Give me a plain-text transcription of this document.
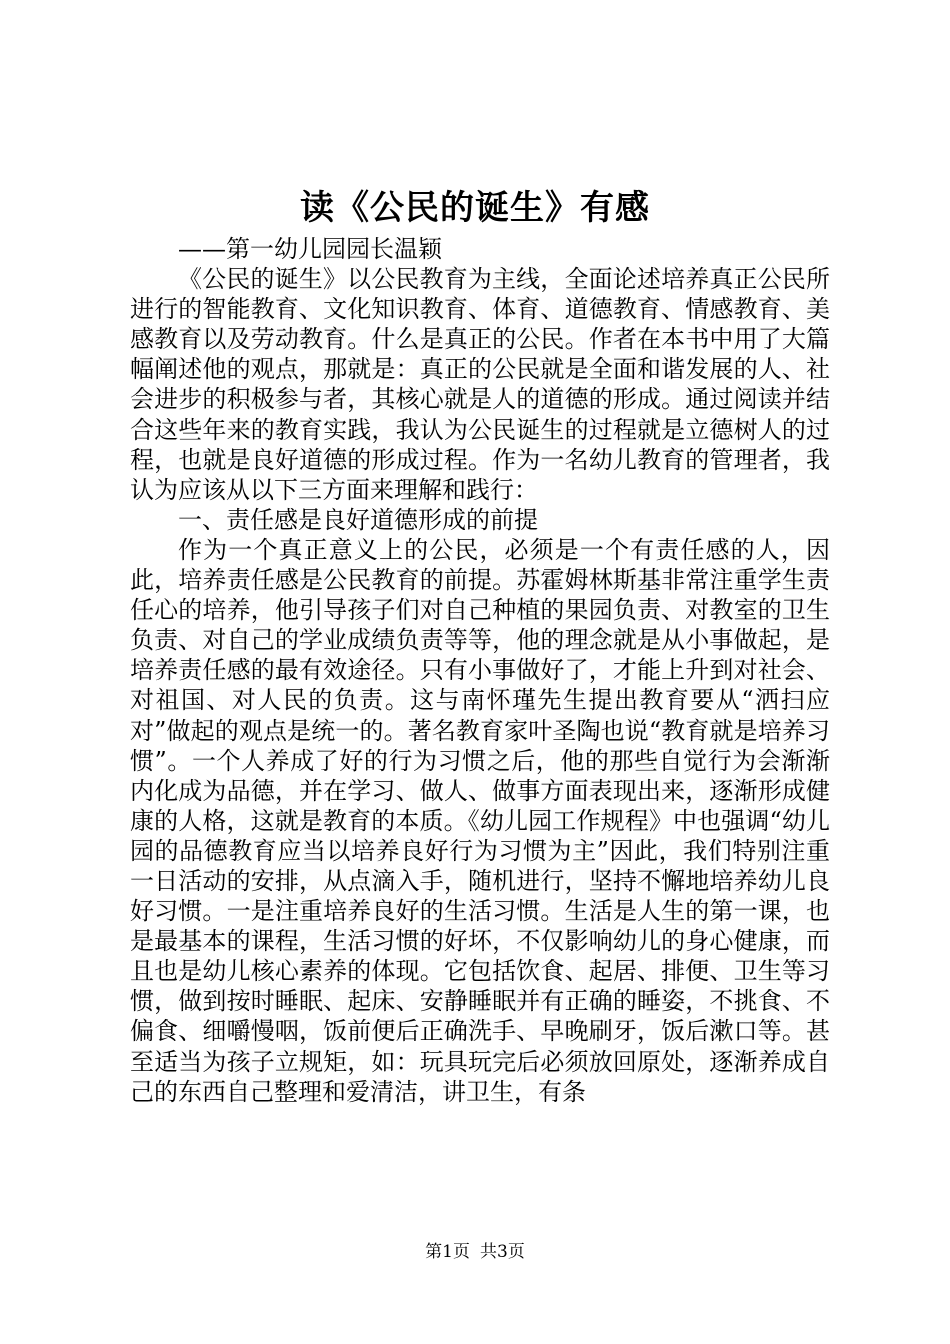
读《公民的诞生》有感

——第一幼儿园园长温颖

《公民的诞生》以公民教育为主线，全面论述培养真正公民所进行的智能教育、文化知识教育、体育、道德教育、情感教育、美感教育以及劳动教育。什么是真正的公民。作者在本书中用了大篇幅阐述他的观点，那就是：真正的公民就是全面和谐发展的人、社会进步的积极参与者，其核心就是人的道德的形成。通过阅读并结合这些年来的教育实践，我认为公民诞生的过程就是立德树人的过程，也就是良好道德的形成过程。作为一名幼儿教育的管理者，我认为应该从以下三方面来理解和践行：

一、责任感是良好道德形成的前提

作为一个真正意义上的公民，必须是一个有责任感的人，因此，培养责任感是公民教育的前提。苏霍姆林斯基非常注重学生责任心的培养，他引导孩子们对自己种植的果园负责、对教室的卫生负责、对自己的学业成绩负责等等，他的理念就是从小事做起，是培养责任感的最有效途径。只有小事做好了，才能上升到对社会、对祖国、对人民的负责。这与南怀瑾先生提出教育要从“洒扫应对”做起的观点是统一的。著名教育家叶圣陶也说“教育就是培养习惯”。一个人养成了好的行为习惯之后，他的那些自觉行为会渐渐内化成为品德，并在学习、做人、做事方面表现出来，逐渐形成健康的人格，这就是教育的本质。《幼儿园工作规程》中也强调“幼儿园的品德教育应当以培养良好行为习惯为主”因此，我们特别注重一日活动的安排，从点滴入手，随机进行，坚持不懈地培养幼儿良好习惯。一是注重培养良好的生活习惯。生活是人生的第一课，也是最基本的课程，生活习惯的好坏，不仅影响幼儿的身心健康，而且也是幼儿核心素养的体现。它包括饮食、起居、排便、卫生等习惯，做到按时睡眠、起床、安静睡眠并有正确的睡姿，不挑食、不偏食、细嚼慢咽，饭前便后正确洗手、早晚刷牙，饭后漱口等。甚至适当为孩子立规矩，如：玩具玩完后必须放回原处，逐渐养成自己的东西自己整理和爱清洁，讲卫生，有条

第1页 共3页
